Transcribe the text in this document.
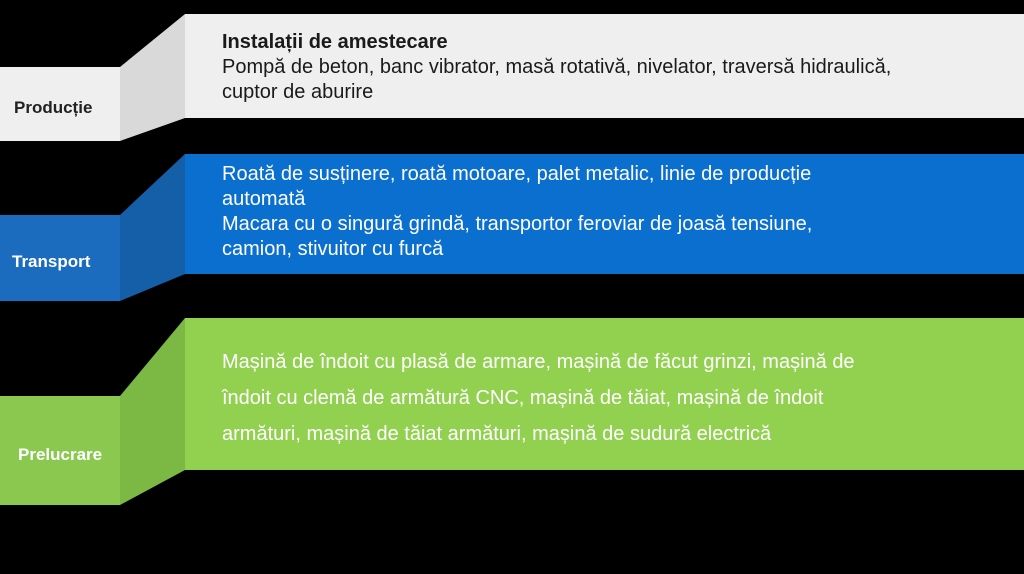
Producție
Instalații de amestecare
Pompă de beton, banc vibrator, masă rotativă, nivelator, traversă hidraulică,
cuptor de aburire
Transport
Roată de susținere, roată motoare, palet metalic, linie de producție
automată
Macara cu o singură grindă, transportor feroviar de joasă tensiune,
camion, stivuitor cu furcă
Prelucrare
Mașină de îndoit cu plasă de armare, mașină de făcut grinzi, mașină de
îndoit cu clemă de armătură CNC, mașină de tăiat, mașină de îndoit
armături, mașină de tăiat armături, mașină de sudură electrică
